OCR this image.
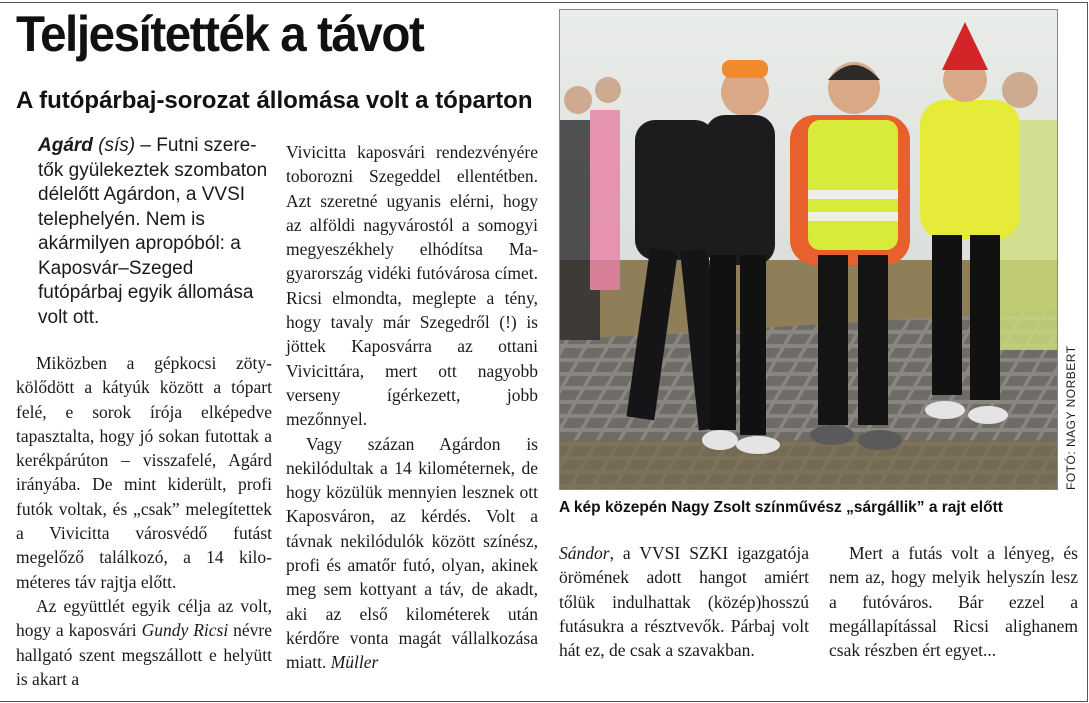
Teljesítették a távot
A futópárbaj-sorozat állomása volt a tóparton

Agárd (sís) – Futni szeretők gyülekeztek szombaton délelőtt Agárdon, a VVSI telephelyén. Nem is akármilyen apropóból: a Kaposvár–Szeged futópárbaj egyik állomása volt ott.

Miközben a gépkocsi zötykölődött a kátyúk között a tópart felé, e sorok írója elképedve tapasztalta, hogy jó sokan futottak a kerékpárúton – visszafelé, Agárd irányába. De mint kiderült, profi futók voltak, és „csak” melegítettek a Vivicitta városvédő futást megelőző találkozó, a 14 kilométeres táv rajtja előtt.

Az együttlét egyik célja az volt, hogy a kaposvári Gundy Ricsi névre hallgató szent megszállott e helyütt is akart a

Vivicitta kaposvári rendezvényére toborozni Szegeddel ellentétben. Azt szeretné ugyanis elérni, hogy az alföldi nagyvárostól a somogyi megyeszékhely elhódítsa Magyarország vidéki futóvárosa címet. Ricsi elmondta, meglepte a tény, hogy tavaly már Szegedről (!) is jöttek Kaposvárra az ottani Vivicittára, mert ott nagyobb verseny ígérkezett, jobb mezőnnyel.

Vagy százan Agárdon is nekilódultak a 14 kilométernek, de hogy közülük mennyien lesznek ott Kaposváron, az kérdés. Volt a távnak nekilódulók között színész, profi és amatőr futó, olyan, akinek meg sem kottyant a táv, de akadt, aki az első kilométerek után kérdőre vonta magát vállalkozása miatt. Müller

FOTÓ: NAGY NORBERT

A kép közepén Nagy Zsolt színművész „sárgállik” a rajt előtt

Sándor, a VVSI SZKI igazgatója örömének adott hangot amiért tőlük indulhattak (közép)hosszú futásukra a résztvevők. Párbaj volt hát ez, de csak a szavakban.

Mert a futás volt a lényeg, és nem az, hogy melyik helyszín lesz a futóváros. Bár ezzel a megállapítással Ricsi alighanem csak részben ért egyet...
